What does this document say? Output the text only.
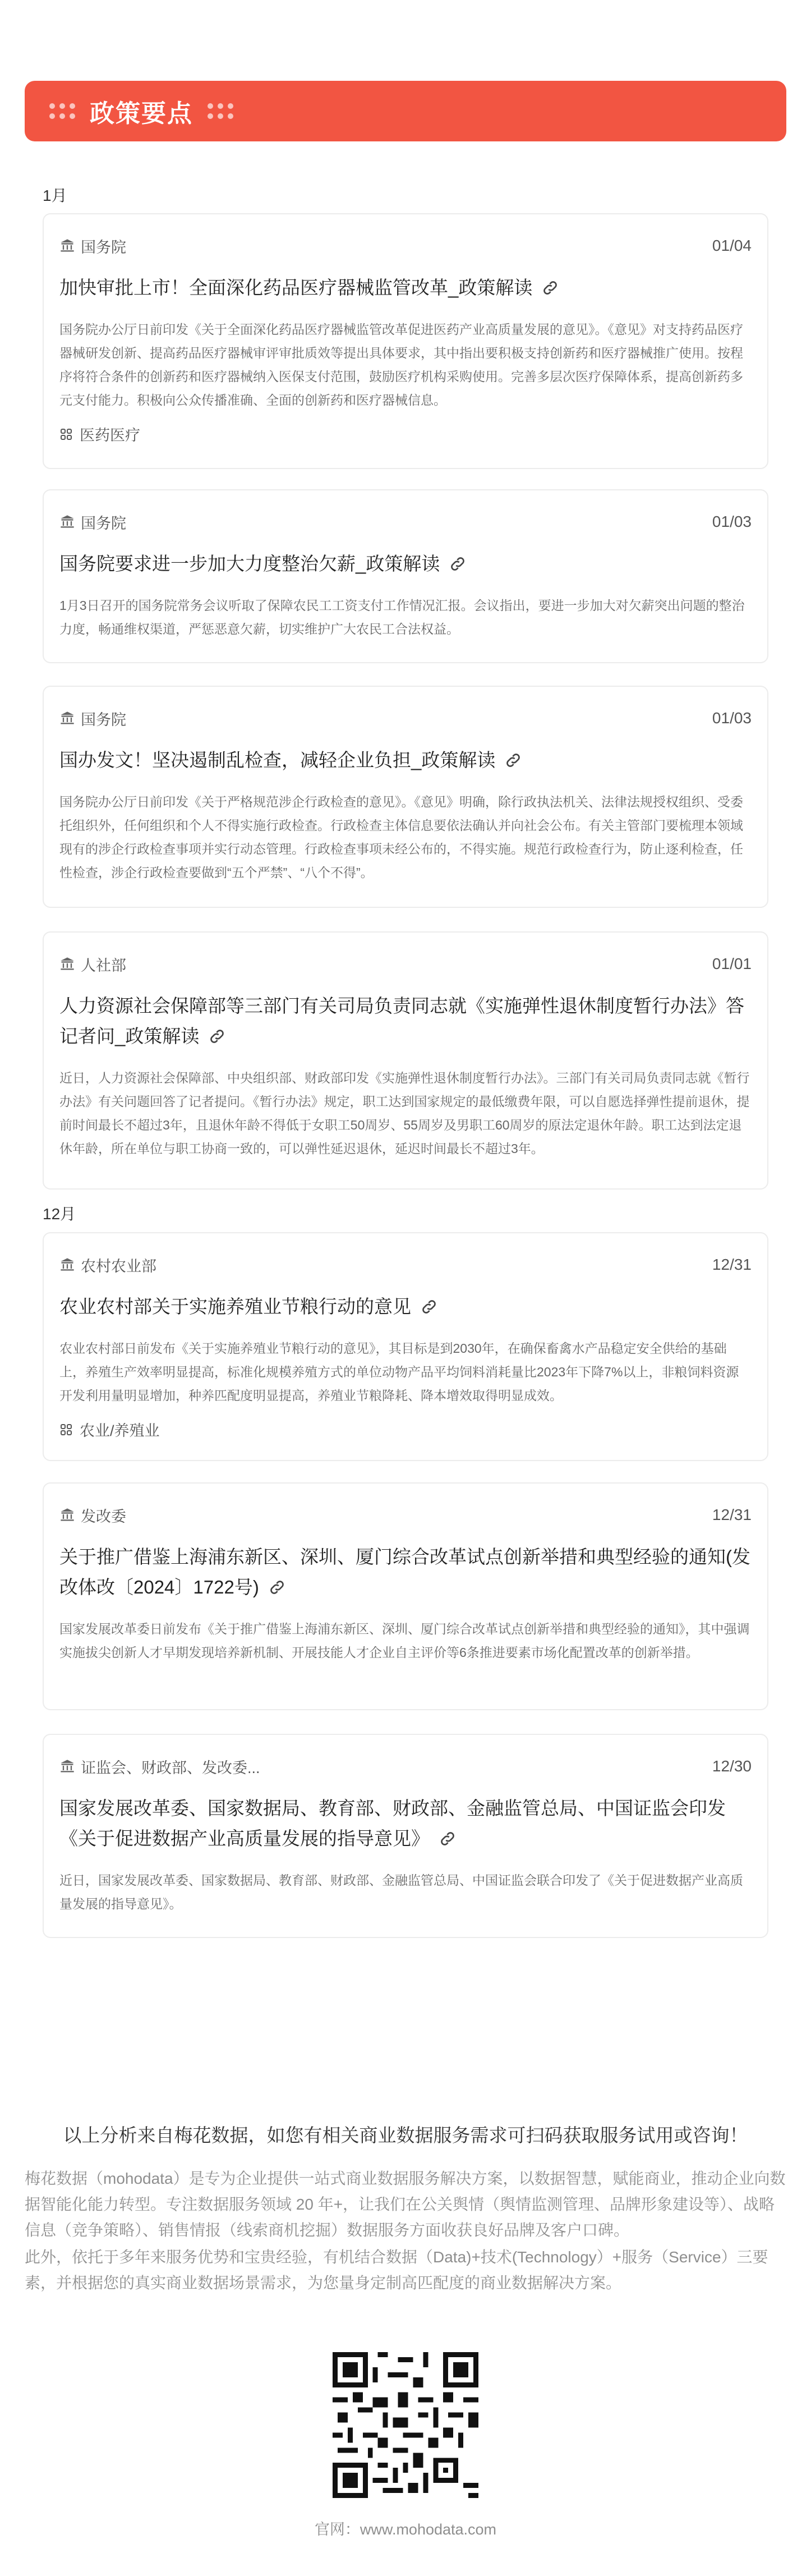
政策要点
1月
国务院	01/04
加快审批上市！全面深化药品医疗器械监管改革_政策解读
国务院办公厅日前印发《关于全面深化药品医疗器械监管改革促进医药产业高质量发展的意见》。《意见》对支持药品医疗器械研发创新、提高药品医疗器械审评审批质效等提出具体要求，其中指出要积极支持创新药和医疗器械推广使用。按程序将符合条件的创新药和医疗器械纳入医保支付范围，鼓励医疗机构采购使用。完善多层次医疗保障体系，提高创新药多元支付能力。积极向公众传播准确、全面的创新药和医疗器械信息。
医药医疗
国务院	01/03
国务院要求进一步加大力度整治欠薪_政策解读
1月3日召开的国务院常务会议听取了保障农民工工资支付工作情况汇报。会议指出，要进一步加大对欠薪突出问题的整治力度，畅通维权渠道，严惩恶意欠薪，切实维护广大农民工合法权益。
国务院	01/03
国办发文！坚决遏制乱检查，减轻企业负担_政策解读
国务院办公厅日前印发《关于严格规范涉企行政检查的意见》。《意见》明确，除行政执法机关、法律法规授权组织、受委托组织外，任何组织和个人不得实施行政检查。行政检查主体信息要依法确认并向社会公布。有关主管部门要梳理本领域现有的涉企行政检查事项并实行动态管理。行政检查事项未经公布的，不得实施。规范行政检查行为，防止逐利检查，任性检查，涉企行政检查要做到“五个严禁”、“八个不得”。
人社部	01/01
人力资源社会保障部等三部门有关司局负责同志就《实施弹性退休制度暂行办法》答记者问_政策解读
近日，人力资源社会保障部、中央组织部、财政部印发《实施弹性退休制度暂行办法》。三部门有关司局负责同志就《暂行办法》有关问题回答了记者提问。《暂行办法》规定，职工达到国家规定的最低缴费年限，可以自愿选择弹性提前退休，提前时间最长不超过3年，且退休年龄不得低于女职工50周岁、55周岁及男职工60周岁的原法定退休年龄。职工达到法定退休年龄，所在单位与职工协商一致的，可以弹性延迟退休，延迟时间最长不超过3年。
12月
农村农业部	12/31
农业农村部关于实施养殖业节粮行动的意见
农业农村部日前发布《关于实施养殖业节粮行动的意见》，其目标是到2030年，在确保畜禽水产品稳定安全供给的基础上，养殖生产效率明显提高，标准化规模养殖方式的单位动物产品平均饲料消耗量比2023年下降7%以上，非粮饲料资源开发利用量明显增加，种养匹配度明显提高，养殖业节粮降耗、降本增效取得明显成效。
农业/养殖业
发改委	12/31
关于推广借鉴上海浦东新区、深圳、厦门综合改革试点创新举措和典型经验的通知(发改体改〔2024〕1722号)
国家发展改革委日前发布《关于推广借鉴上海浦东新区、深圳、厦门综合改革试点创新举措和典型经验的通知》，其中强调实施拔尖创新人才早期发现培养新机制、开展技能人才企业自主评价等6条推进要素市场化配置改革的创新举措。
证监会、财政部、发改委...	12/30
国家发展改革委、国家数据局、教育部、财政部、金融监管总局、中国证监会印发《关于促进数据产业高质量发展的指导意见》
近日，国家发展改革委、国家数据局、教育部、财政部、金融监管总局、中国证监会联合印发了《关于促进数据产业高质量发展的指导意见》。
以上分析来自梅花数据，如您有相关商业数据服务需求可扫码获取服务试用或咨询！
梅花数据（mohodata）是专为企业提供一站式商业数据服务解决方案，以数据智慧，赋能商业，推动企业向数据智能化能力转型。专注数据服务领域 20 年+，让我们在公关舆情（舆情监测管理、品牌形象建设等）、战略信息（竞争策略）、销售情报（线索商机挖掘）数据服务方面收获良好品牌及客户口碑。
此外，依托于多年来服务优势和宝贵经验，有机结合数据（Data)+技术(Technology）+服务（Service）三要素，并根据您的真实商业数据场景需求，为您量身定制高匹配度的商业数据解决方案。
官网：www.mohodata.com
